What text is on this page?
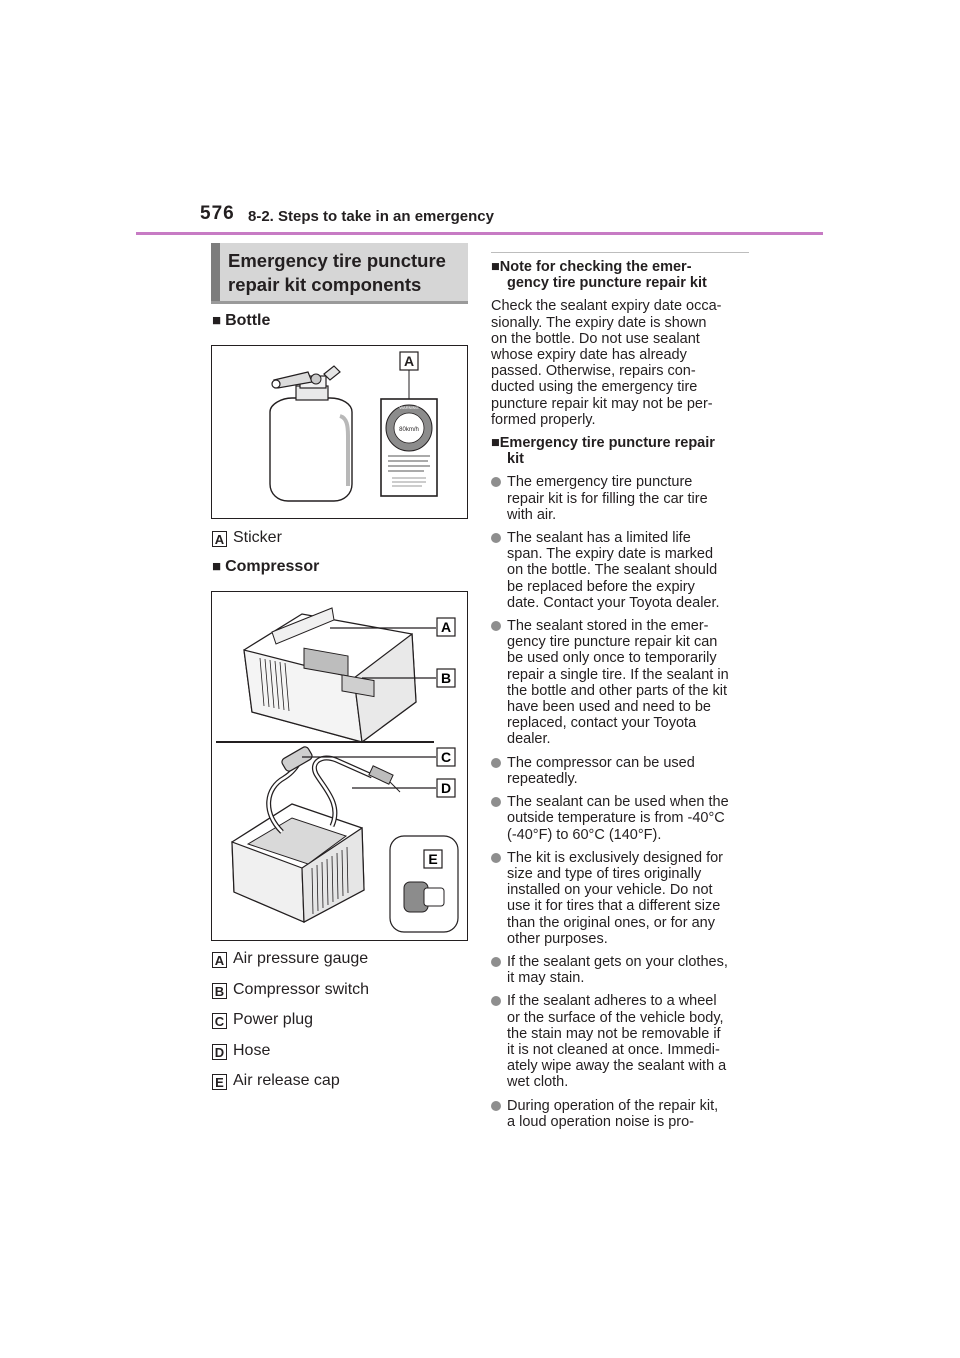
576 8-2. Steps to take in an emergency
Emergency tire puncture
repair kit components
■ Bottle
80km/h
WARNING
A
A Sticker
■ Compressor
A
B
C
D
E
A Air pressure gauge
B Compressor switch
C Power plug
D Hose
E Air release cap
■Note for checking the emer-
gency tire puncture repair kit
Check the sealant expiry date occa-
sionally. The expiry date is shown
on the bottle. Do not use sealant
whose expiry date has already
passed. Otherwise, repairs con-
ducted using the emergency tire
puncture repair kit may not be per-
formed properly.
■Emergency tire puncture repair
kit
The emergency tire puncture
repair kit is for filling the car tire
with air.
The sealant has a limited life
span. The expiry date is marked
on the bottle. The sealant should
be replaced before the expiry
date. Contact your Toyota dealer.
The sealant stored in the emer-
gency tire puncture repair kit can
be used only once to temporarily
repair a single tire. If the sealant in
the bottle and other parts of the kit
have been used and need to be
replaced, contact your Toyota
dealer.
The compressor can be used
repeatedly.
The sealant can be used when the
outside temperature is from -40°C
(-40°F) to 60°C (140°F).
The kit is exclusively designed for
size and type of tires originally
installed on your vehicle. Do not
use it for tires that a different size
than the original ones, or for any
other purposes.
If the sealant gets on your clothes,
it may stain.
If the sealant adheres to a wheel
or the surface of the vehicle body,
the stain may not be removable if
it is not cleaned at once. Immedi-
ately wipe away the sealant with a
wet cloth.
During operation of the repair kit,
a loud operation noise is pro-
